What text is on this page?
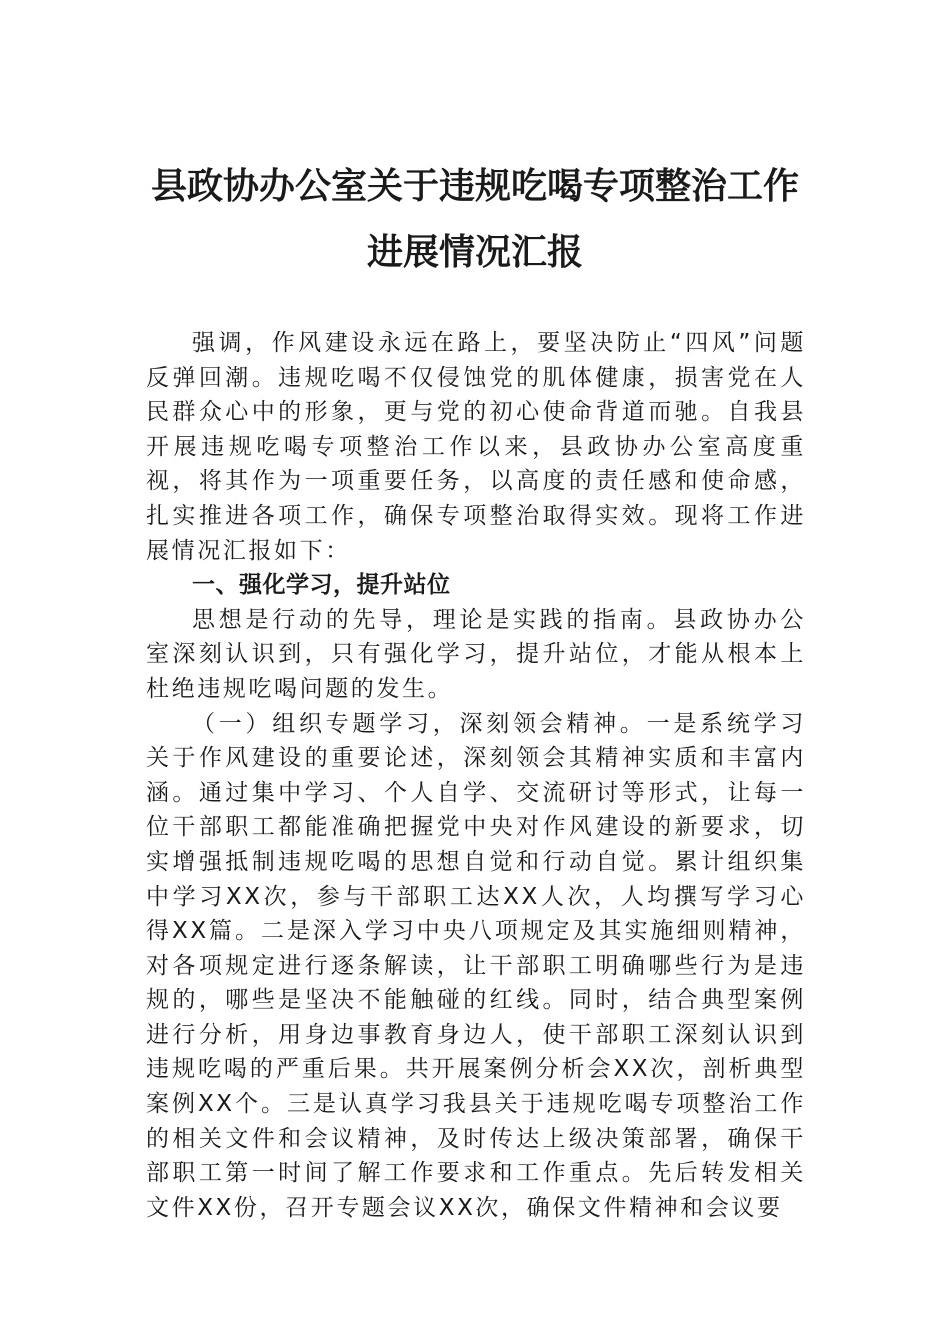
县政协办公室关于违规吃喝专项整治工作
进展情况汇报

强调，作风建设永远在路上，要坚决防止“四风”问题反弹回潮。违规吃喝不仅侵蚀党的肌体健康，损害党在人民群众心中的形象，更与党的初心使命背道而驰。自我县开展违规吃喝专项整治工作以来，县政协办公室高度重视，将其作为一项重要任务，以高度的责任感和使命感，扎实推进各项工作，确保专项整治取得实效。现将工作进展情况汇报如下：

一、强化学习，提升站位

思想是行动的先导，理论是实践的指南。县政协办公室深刻认识到，只有强化学习，提升站位，才能从根本上杜绝违规吃喝问题的发生。

（一）组织专题学习，深刻领会精神。一是系统学习关于作风建设的重要论述，深刻领会其精神实质和丰富内涵。通过集中学习、个人自学、交流研讨等形式，让每一位干部职工都能准确把握党中央对作风建设的新要求，切实增强抵制违规吃喝的思想自觉和行动自觉。累计组织集中学习XX次，参与干部职工达XX人次，人均撰写学习心得XX篇。二是深入学习中央八项规定及其实施细则精神，对各项规定进行逐条解读，让干部职工明确哪些行为是违规的，哪些是坚决不能触碰的红线。同时，结合典型案例进行分析，用身边事教育身边人，使干部职工深刻认识到违规吃喝的严重后果。共开展案例分析会XX次，剖析典型案例XX个。三是认真学习我县关于违规吃喝专项整治工作的相关文件和会议精神，及时传达上级决策部署，确保干部职工第一时间了解工作要求和工作重点。先后转发相关文件XX份，召开专题会议XX次，确保文件精神和会议要
